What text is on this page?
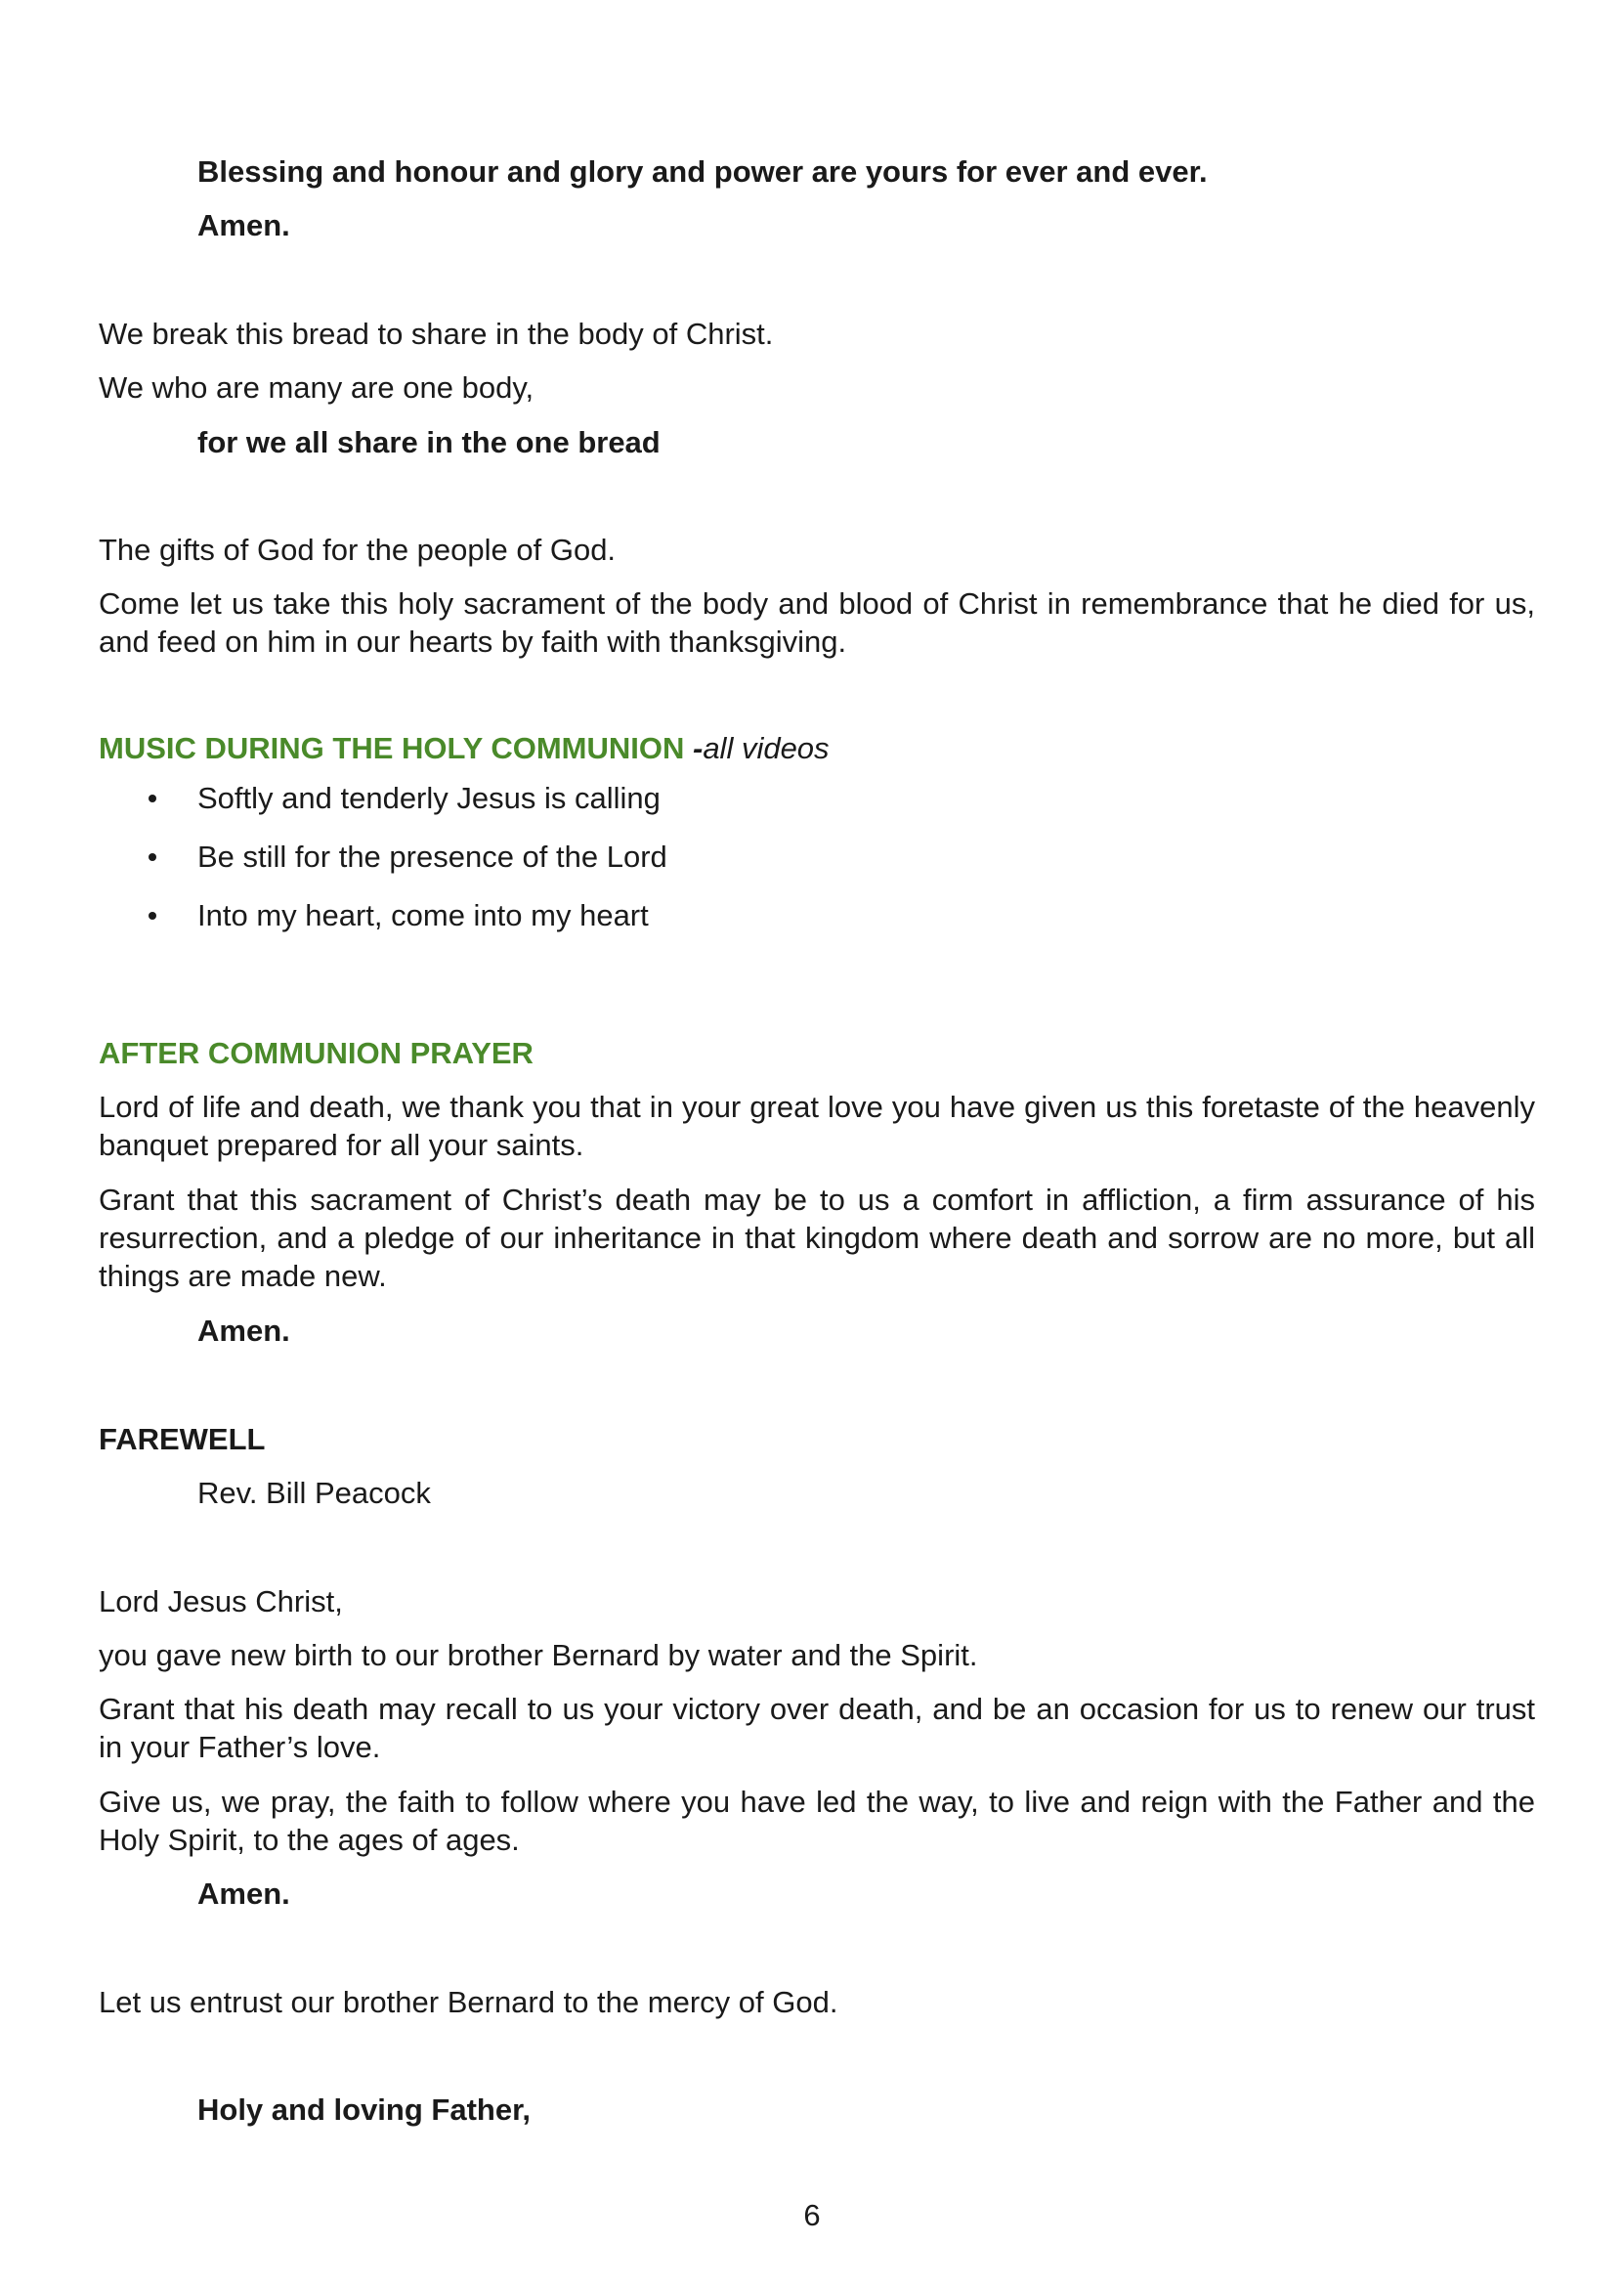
Blessing and honour and glory and power are yours for ever and ever.

Amen.

We break this bread to share in the body of Christ.

We who are many are one body,

for we all share in the one bread

The gifts of God for the people of God.

Come let us take this holy sacrament of the body and blood of Christ in remembrance that he died for us, and feed on him in our hearts by faith with thanksgiving.

MUSIC DURING THE HOLY COMMUNION -all videos

Softly and tenderly Jesus is calling
Be still for the presence of the Lord
Into my heart, come into my heart

AFTER COMMUNION PRAYER

Lord of life and death, we thank you that in your great love you have given us this foretaste of the heavenly banquet prepared for all your saints.

Grant that this sacrament of Christ’s death may be to us a comfort in affliction, a firm assurance of his resurrection, and a pledge of our inheritance in that kingdom where death and sorrow are no more, but all things are made new.

Amen.

FAREWELL

Rev. Bill Peacock

Lord Jesus Christ,

you gave new birth to our brother Bernard by water and the Spirit.

Grant that his death may recall to us your victory over death, and be an occasion for us to renew our trust in your Father’s love.

Give us, we pray, the faith to follow where you have led the way, to live and reign with the Father and the Holy Spirit, to the ages of ages.

Amen.

Let us entrust our brother Bernard to the mercy of God.

Holy and loving Father,

6
